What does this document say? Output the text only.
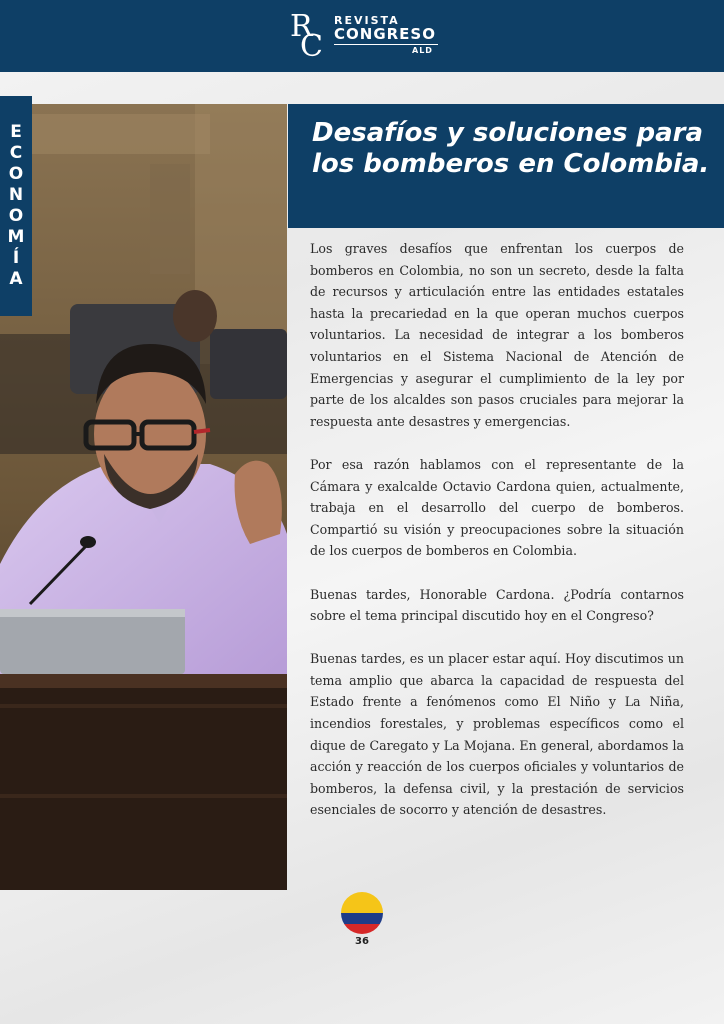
R
C
REVISTA
CONGRESO
ALD
E
C
O
N
O
M
Í
A
Desafíos y soluciones para los bomberos en Colombia.

Los graves desafíos que enfrentan los cuerpos de bomberos en Colombia, no son un secreto, desde la falta de recursos y articulación entre las entidades estatales hasta la precariedad en la que operan muchos cuerpos voluntarios. La necesidad de integrar a los bomberos voluntarios en el Sistema Nacional de Atención de Emergencias y asegurar el cumplimiento de la ley por parte de los alcaldes son pasos cruciales para mejorar la respuesta ante desastres y emergencias.

Por esa razón hablamos con el representante de la Cámara y exalcalde Octavio Cardona quien, actualmente, trabaja en el desarrollo del cuerpo de bomberos. Compartió su visión y preocupaciones sobre la situación de los cuerpos de bomberos en Colombia.

Buenas tardes, Honorable Cardona. ¿Podría contarnos sobre el tema principal discutido hoy en el Congreso?

Buenas tardes, es un placer estar aquí. Hoy discutimos un tema amplio que abarca la capacidad de respuesta del Estado frente a fenómenos como El Niño y La Niña, incendios forestales, y problemas específicos como el dique de Caregato y La Mojana. En general, abordamos la acción y reacción de los cuerpos oficiales y voluntarios de bomberos, la defensa civil, y la prestación de servicios esenciales de socorro y atención de desastres.

36
